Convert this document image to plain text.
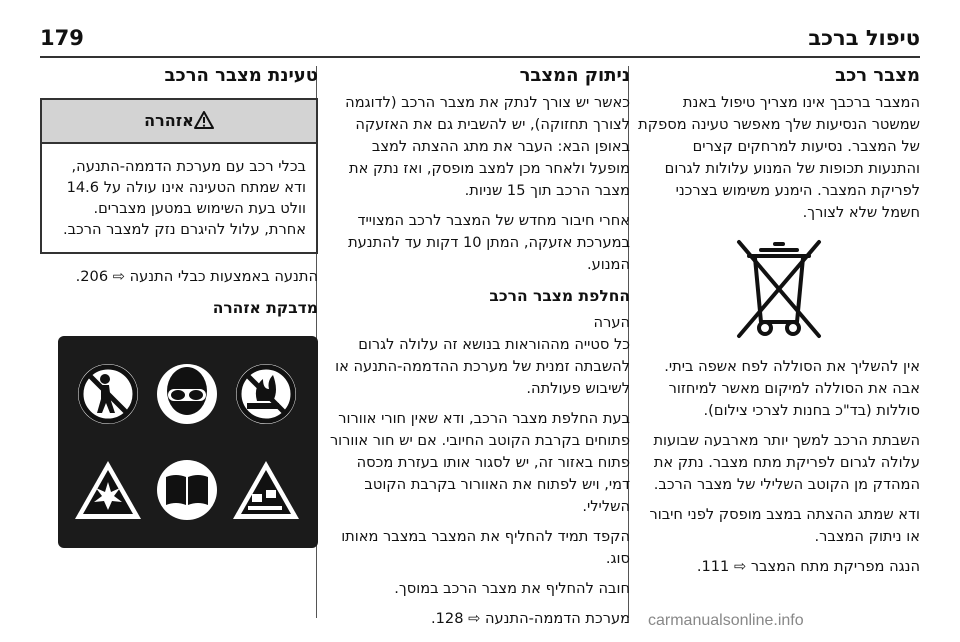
טיפול ברכב
179
מצבר רכב

המצבר ברכבך אינו מצריך טיפול באנת שמשטר הנסיעות שלך מאפשר טעינה מספקת של המצבר. נסיעות למרחקים קצרים והתנעות תכופות של המנוע עלולות לגרום לפריקת המצבר. הימנע משימוש בצרכני חשמל שלא לצורך.

אין להשליך את הסוללה לפח אשפה ביתי. אבה את הסוללה למיקום מאשר למיחזור סוללות (בד"כ בחנות לצרכי צילום).

השבתת הרכב למשך יותר מארבעה שבועות עלולה לגרום לפריקת מתח מצבר. נתק את המהדק מן הקוטב השלילי של מצבר הרכב.

ודא שמתג ההצתה במצב מופסק לפני חיבור או ניתוק המצבר.

הנגה מפריקת מתח המצבר ⇨ 111.

ניתוק המצבר

כאשר יש צורך לנתק את מצבר הרכב (לדוגמה לצורך תחזוקה), יש להשבית גם את האזעקה באופן הבא: העבר את מתג ההצתה למצב מופעל ולאחר מכן למצב מופסק, ואז נתק את מצבר הרכב תוך 15 שניות.

אחרי חיבור מחדש של המצבר לרכב המצוייד במערכת אזעקה, המתן 10 דקות עד להתנעת המנוע.

החלפת מצבר הרכב
הערה

כל סטייה מההוראות בנושא זה עלולה לגרום להשבתה זמנית של מערכת ההדממה-התנעה או לשיבוש פעולתה.

בעת החלפת מצבר הרכב, ודא שאין חורי אוורור פתוחים בקרבת הקוטב החיובי. אם יש חור אוורור פתוח באזור זה, יש לסגור אותו בעזרת מכסה דמי, ויש לפתוח את האוורור בקרבת הקוטב השלילי.

הקפד תמיד להחליף את המצבר במצבר מאותו סוג.

חובה להחליף את מצבר הרכב במוסך.

מערכת הדממה-התנעה ⇨ 128.

טעינת מצבר הרכב
אזהרה
בכלי רכב עם מערכת הדממה-התנעה, ודא שמתח הטעינה אינו עולה על 14.6 וולט בעת השימוש במטען מצברים. אחרת, עלול להיגרם נזק למצבר הרכב.

התנעה באמצעות כבלי התנעה ⇨ 206.

מדבקת אזהרה
carmanualsonline.info
